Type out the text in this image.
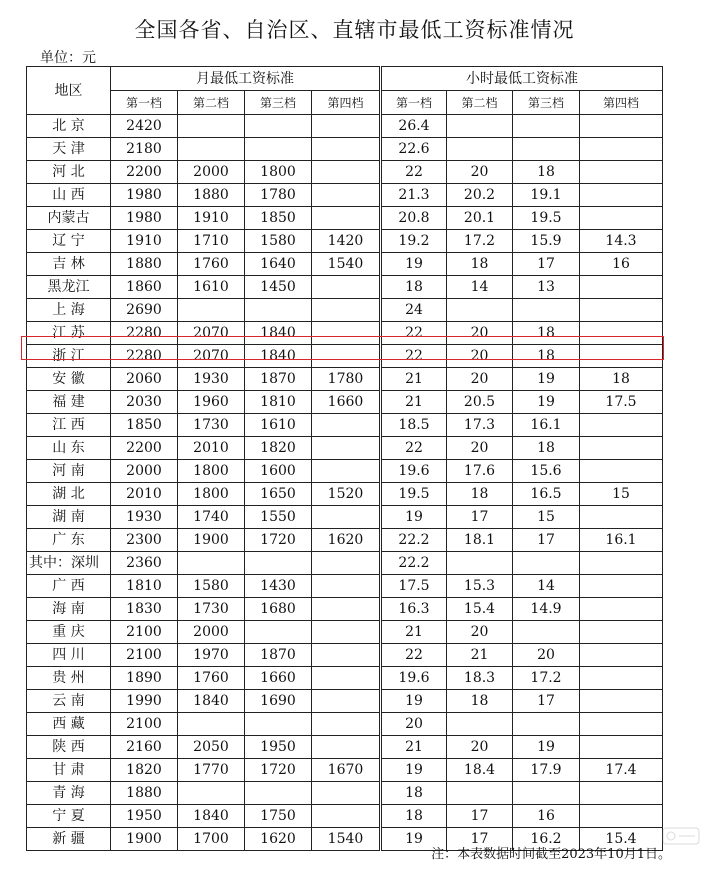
全国各省、自治区、直辖市最低工资标准情况
单位：元
地区	月最低工资标准				小时最低工资标准			
	第一档	第二档	第三档	第四档	第一档	第二档	第三档	第四档
北 京	2420				26.4			
天 津	2180				22.6			
河 北	2200	2000	1800		22	20	18	
山 西	1980	1880	1780		21.3	20.2	19.1	
内蒙古	1980	1910	1850		20.8	20.1	19.5	
辽 宁	1910	1710	1580	1420	19.2	17.2	15.9	14.3
吉 林	1880	1760	1640	1540	19	18	17	16
黑龙江	1860	1610	1450		18	14	13	
上 海	2690				24			
江 苏	2280	2070	1840		22	20	18	
浙 江	2280	2070	1840		22	20	18	
安 徽	2060	1930	1870	1780	21	20	19	18
福 建	2030	1960	1810	1660	21	20.5	19	17.5
江 西	1850	1730	1610		18.5	17.3	16.1	
山 东	2200	2010	1820		22	20	18	
河 南	2000	1800	1600		19.6	17.6	15.6	
湖 北	2010	1800	1650	1520	19.5	18	16.5	15
湖 南	1930	1740	1550		19	17	15	
广 东	2300	1900	1720	1620	22.2	18.1	17	16.1
其中：深圳	2360				22.2			
广 西	1810	1580	1430		17.5	15.3	14	
海 南	1830	1730	1680		16.3	15.4	14.9	
重 庆	2100	2000			21	20		
四 川	2100	1970	1870		22	21	20	
贵 州	1890	1760	1660		19.6	18.3	17.2	
云 南	1990	1840	1690		19	18	17	
西 藏	2100				20			
陕 西	2160	2050	1950		21	20	19	
甘 肃	1820	1770	1720	1670	19	18.4	17.9	17.4
青 海	1880				18			
宁 夏	1950	1840	1750		18	17	16	
新 疆	1900	1700	1620	1540	19	17	16.2	15.4
注：本表数据时间截至2023年10月1日。
